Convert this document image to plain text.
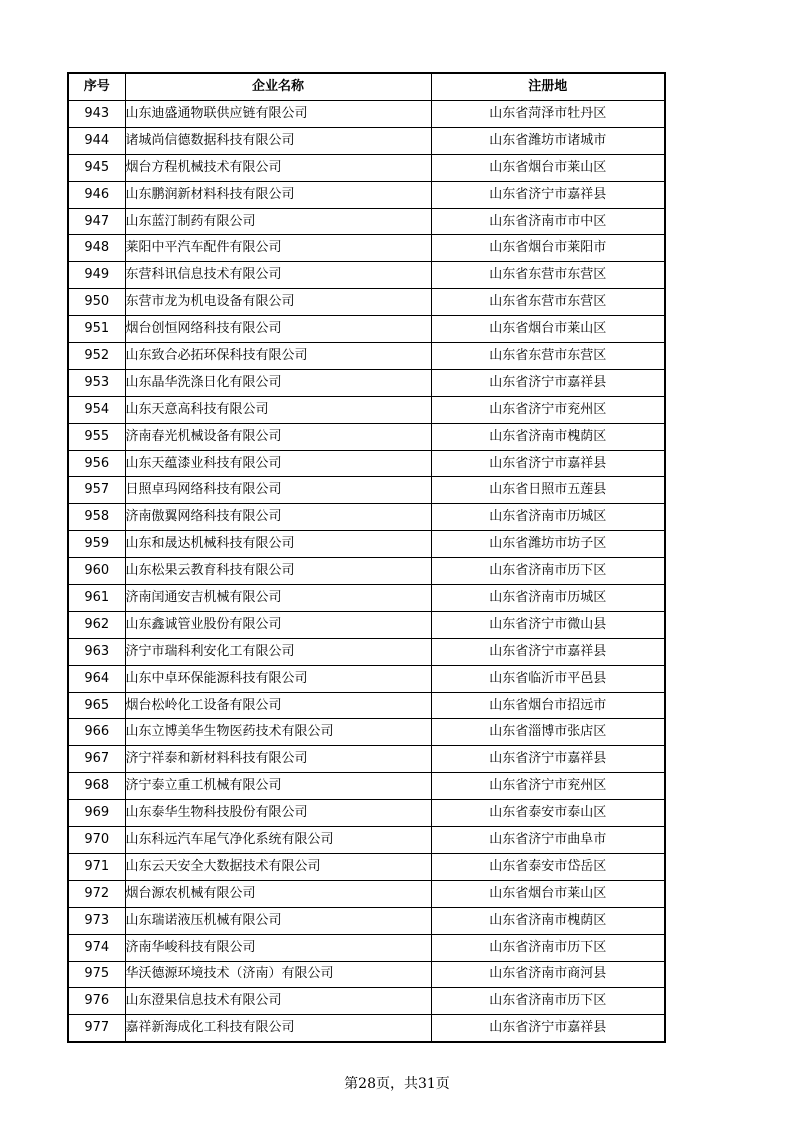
序号	企业名称	注册地
943	山东迪盛通物联供应链有限公司	山东省菏泽市牡丹区
944	诸城尚信德数据科技有限公司	山东省潍坊市诸城市
945	烟台方程机械技术有限公司	山东省烟台市莱山区
946	山东鹏润新材料科技有限公司	山东省济宁市嘉祥县
947	山东蓝汀制药有限公司	山东省济南市市中区
948	莱阳中平汽车配件有限公司	山东省烟台市莱阳市
949	东营科讯信息技术有限公司	山东省东营市东营区
950	东营市龙为机电设备有限公司	山东省东营市东营区
951	烟台创恒网络科技有限公司	山东省烟台市莱山区
952	山东致合必拓环保科技有限公司	山东省东营市东营区
953	山东晶华洗涤日化有限公司	山东省济宁市嘉祥县
954	山东天意高科技有限公司	山东省济宁市兖州区
955	济南春光机械设备有限公司	山东省济南市槐荫区
956	山东天蕴漆业科技有限公司	山东省济宁市嘉祥县
957	日照卓玛网络科技有限公司	山东省日照市五莲县
958	济南傲翼网络科技有限公司	山东省济南市历城区
959	山东和晟达机械科技有限公司	山东省潍坊市坊子区
960	山东松果云教育科技有限公司	山东省济南市历下区
961	济南闰通安吉机械有限公司	山东省济南市历城区
962	山东鑫诚管业股份有限公司	山东省济宁市微山县
963	济宁市瑞科利安化工有限公司	山东省济宁市嘉祥县
964	山东中卓环保能源科技有限公司	山东省临沂市平邑县
965	烟台松岭化工设备有限公司	山东省烟台市招远市
966	山东立博美华生物医药技术有限公司	山东省淄博市张店区
967	济宁祥泰和新材料科技有限公司	山东省济宁市嘉祥县
968	济宁泰立重工机械有限公司	山东省济宁市兖州区
969	山东泰华生物科技股份有限公司	山东省泰安市泰山区
970	山东科远汽车尾气净化系统有限公司	山东省济宁市曲阜市
971	山东云天安全大数据技术有限公司	山东省泰安市岱岳区
972	烟台源农机械有限公司	山东省烟台市莱山区
973	山东瑞诺液压机械有限公司	山东省济南市槐荫区
974	济南华峻科技有限公司	山东省济南市历下区
975	华沃德源环境技术（济南）有限公司	山东省济南市商河县
976	山东澄果信息技术有限公司	山东省济南市历下区
977	嘉祥新海成化工科技有限公司	山东省济宁市嘉祥县
第28页，共31页
